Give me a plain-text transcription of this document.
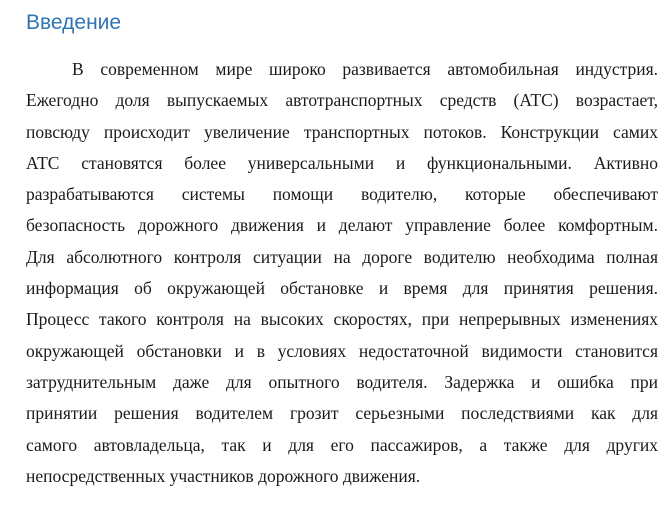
Введение
В современном мире широко развивается автомобильная индустрия.
Ежегодно доля выпускаемых автотранспортных средств (АТС) возрастает,
повсюду происходит увеличение транспортных потоков. Конструкции самих
АТС становятся более универсальными и функциональными. Активно
разрабатываются системы помощи водителю, которые обеспечивают
безопасность дорожного движения и делают управление более комфортным.
Для абсолютного контроля ситуации на дороге водителю необходима полная
информация об окружающей обстановке и время для принятия решения.
Процесс такого контроля на высоких скоростях, при непрерывных изменениях
окружающей обстановки и в условиях недостаточной видимости становится
затруднительным даже для опытного водителя. Задержка и ошибка при
принятии решения водителем грозит серьезными последствиями как для
самого автовладельца, так и для его пассажиров, а также для других
непосредственных участников дорожного движения.
